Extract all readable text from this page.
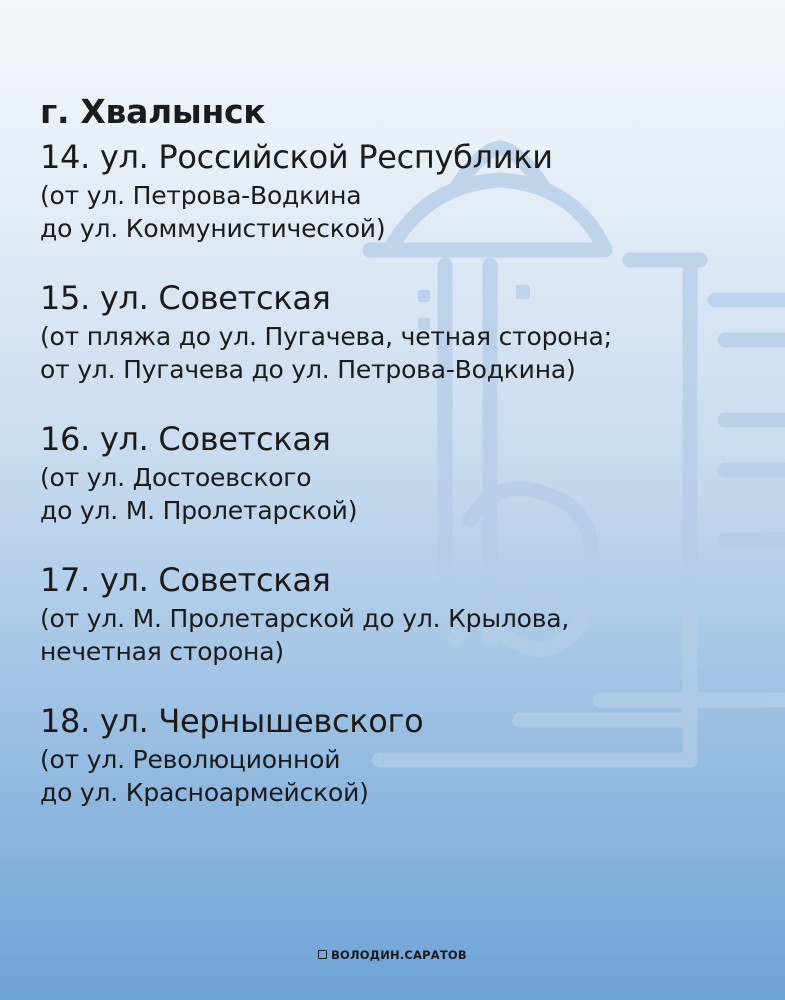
г. Хвалынск
14. ул. Российской Республики
(от ул. Петрова-Водкина
до ул. Коммунистической)
15. ул. Советская
(от пляжа до ул. Пугачева, четная сторона;
от ул. Пугачева до ул. Петрова-Водкина)
16. ул. Советская
(от ул. Достоевского
до ул. М. Пролетарской)
17. ул. Советская
(от ул. М. Пролетарской до ул. Крылова,
нечетная сторона)
18. ул. Чернышевского
(от ул. Революционной
до ул. Красноармейской)
ВОЛОДИН.САРАТОВ
